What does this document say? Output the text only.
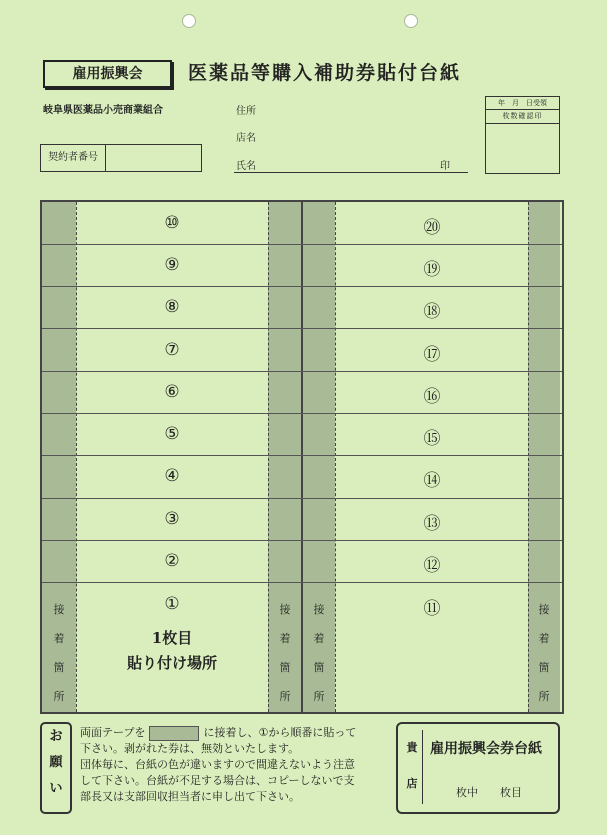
雇用振興会	医薬品等購入補助券貼付台紙
岐阜県医薬品小売商業組合	住所
店名
氏名	印
契約者番号
年　月　日受領
枚数確認印
⑩
⑨
⑧
⑦
⑥
⑤
④
③
②
①
⑳
⑲
⑱
⑰
⑯
⑮
⑭
⑬
⑫
⑪
1枚目
貼り付け場所
接
着
箇
所
接
着
箇
所
接
着
箇
所
接
着
箇
所
お
願
い
両面テープを	に接着し、①から順番に貼って
下さい。剥がれた券は、無効といたします。
団体毎に、台紙の色が違いますので間違えないよう注意
して下さい。台紙が不足する場合は、コピーしないで支
部長又は支部回収担当者に申し出て下さい。
貴
店
雇用振興会券台紙
枚中　　枚目
